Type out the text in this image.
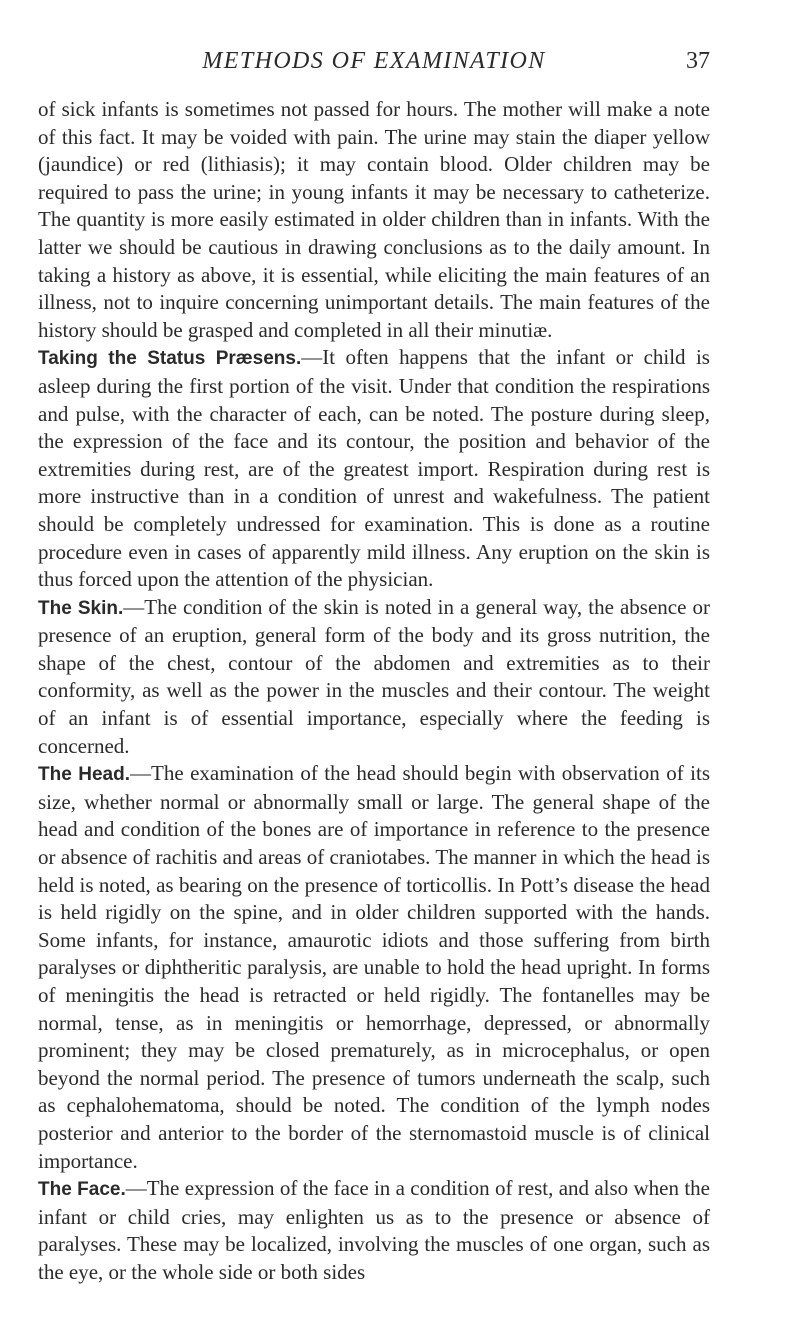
METHODS OF EXAMINATION	37

of sick infants is sometimes not passed for hours. The mother will make a note of this fact. It may be voided with pain. The urine may stain the diaper yellow (jaundice) or red (lithiasis); it may contain blood. Older children may be required to pass the urine; in young infants it may be necessary to catheterize. The quantity is more easily estimated in older children than in infants. With the latter we should be cautious in drawing conclusions as to the daily amount. In taking a history as above, it is essential, while eliciting the main features of an illness, not to inquire concerning unimportant details. The main features of the history should be grasped and completed in all their minutiæ.

Taking the Status Præsens.—It often happens that the infant or child is asleep during the first portion of the visit. Under that condition the respirations and pulse, with the character of each, can be noted. The posture during sleep, the expression of the face and its contour, the position and behavior of the extremities during rest, are of the greatest import. Respiration during rest is more instructive than in a condition of unrest and wakefulness. The patient should be completely undressed for examination. This is done as a routine procedure even in cases of apparently mild illness. Any eruption on the skin is thus forced upon the attention of the physician.

The Skin.—The condition of the skin is noted in a general way, the absence or presence of an eruption, general form of the body and its gross nutrition, the shape of the chest, contour of the abdomen and extremities as to their conformity, as well as the power in the muscles and their contour. The weight of an infant is of essential importance, especially where the feeding is concerned.

The Head.—The examination of the head should begin with observation of its size, whether normal or abnormally small or large. The general shape of the head and condition of the bones are of importance in reference to the presence or absence of rachitis and areas of craniotabes. The manner in which the head is held is noted, as bearing on the presence of torticollis. In Pott’s disease the head is held rigidly on the spine, and in older children supported with the hands. Some infants, for instance, amaurotic idiots and those suffering from birth paralyses or diphtheritic paralysis, are unable to hold the head upright. In forms of meningitis the head is retracted or held rigidly. The fontanelles may be normal, tense, as in meningitis or hemorrhage, depressed, or abnormally prominent; they may be closed prematurely, as in microcephalus, or open beyond the normal period. The presence of tumors underneath the scalp, such as cephalohematoma, should be noted. The condition of the lymph nodes posterior and anterior to the border of the sternomastoid muscle is of clinical importance.

The Face.—The expression of the face in a condition of rest, and also when the infant or child cries, may enlighten us as to the presence or absence of paralyses. These may be localized, involving the muscles of one organ, such as the eye, or the whole side or both sides
